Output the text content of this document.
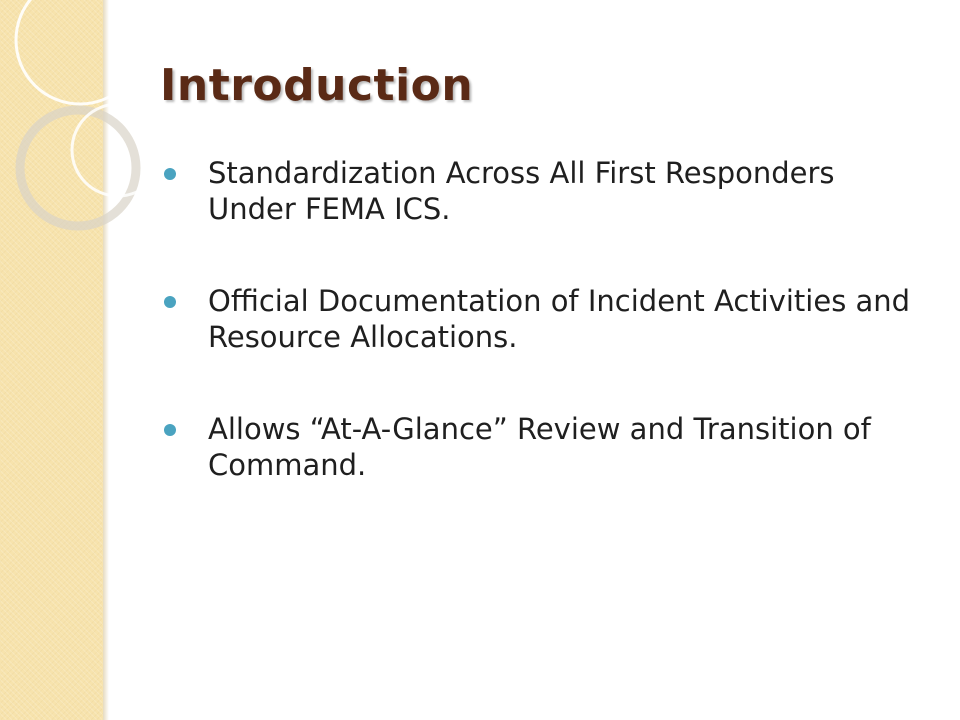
Introduction
Standardization Across All First Responders Under FEMA ICS.
Official Documentation of Incident Activities and Resource Allocations.
Allows “At-A-Glance” Review and Transition of Command.
